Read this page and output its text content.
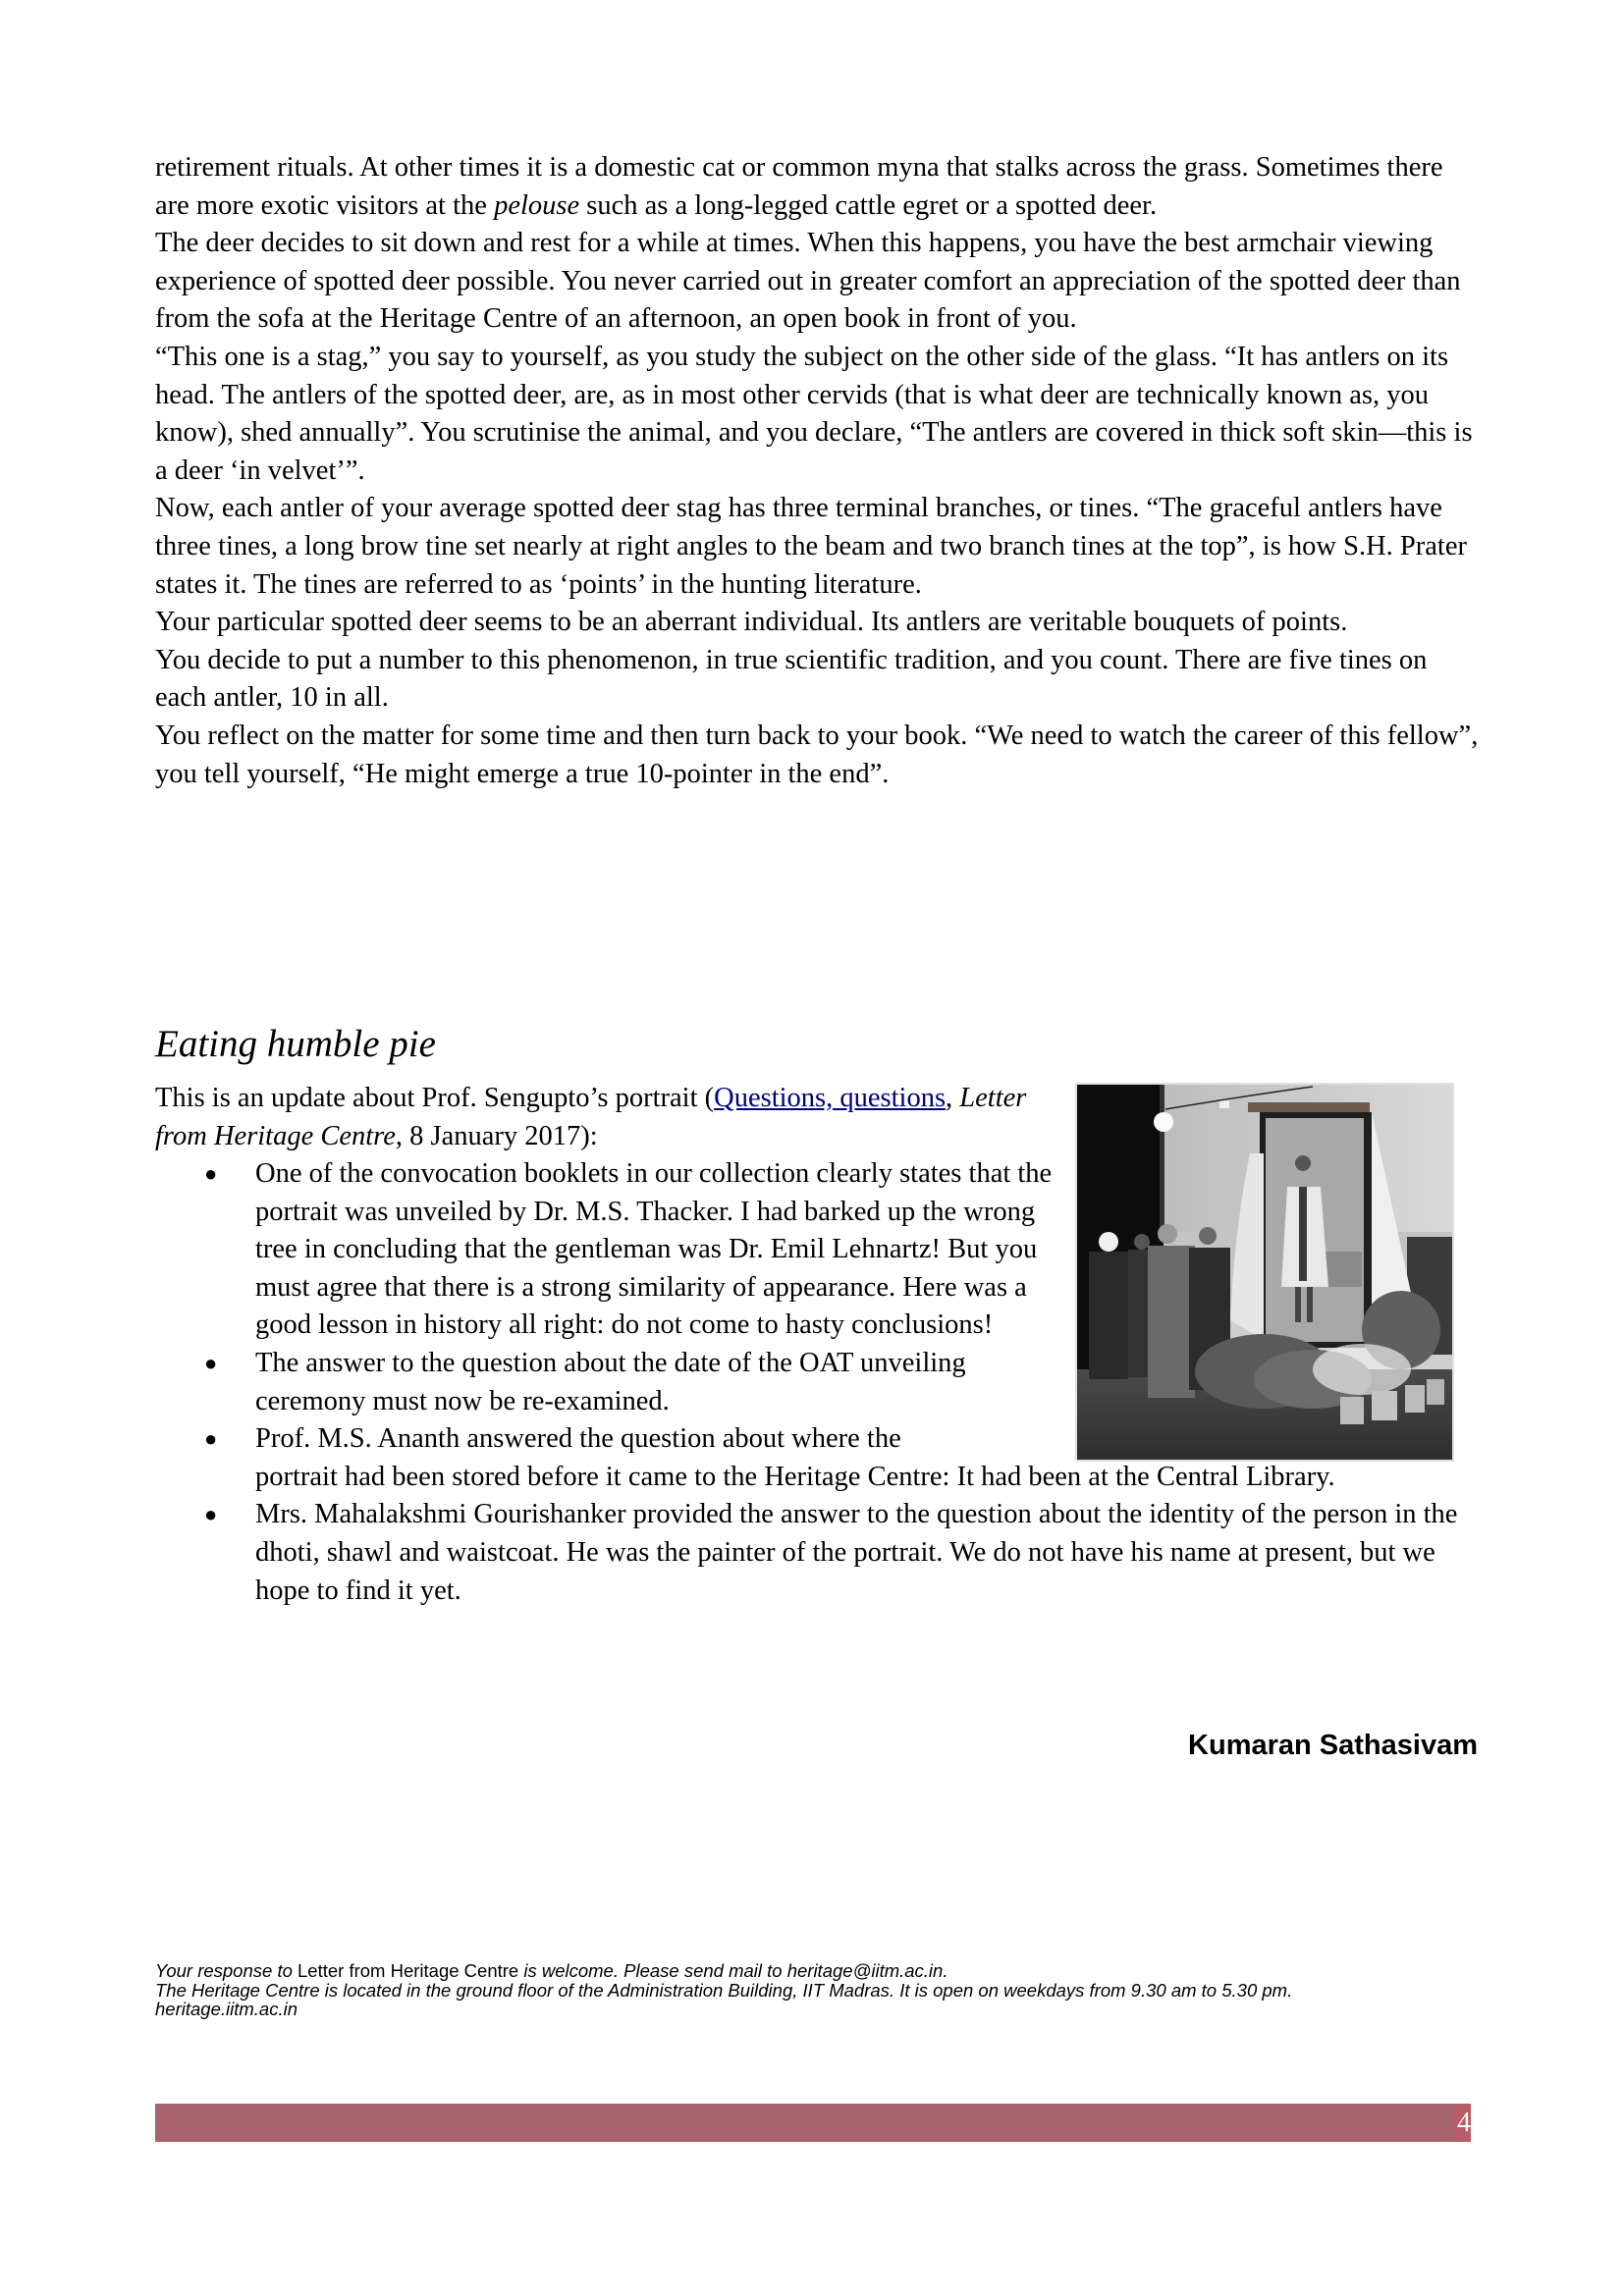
retirement rituals. At other times it is a domestic cat or common myna that stalks across the grass. Sometimes there are more exotic visitors at the pelouse such as a long-legged cattle egret or a spotted deer.

The deer decides to sit down and rest for a while at times. When this happens, you have the best armchair viewing experience of spotted deer possible. You never carried out in greater comfort an appreciation of the spotted deer than from the sofa at the Heritage Centre of an afternoon, an open book in front of you.

“This one is a stag,” you say to yourself, as you study the subject on the other side of the glass. “It has antlers on its head. The antlers of the spotted deer, are, as in most other cervids (that is what deer are technically known as, you know), shed annually”. You scrutinise the animal, and you declare, “The antlers are covered in thick soft skin—this is a deer ‘in velvet’”.

Now, each antler of your average spotted deer stag has three terminal branches, or tines. “The graceful antlers have three tines, a long brow tine set nearly at right angles to the beam and two branch tines at the top”, is how S.H. Prater states it. The tines are referred to as ‘points’ in the hunting literature.

Your particular spotted deer seems to be an aberrant individual. Its antlers are veritable bouquets of points.

You decide to put a number to this phenomenon, in true scientific tradition, and you count. There are five tines on each antler, 10 in all.

You reflect on the matter for some time and then turn back to your book. “We need to watch the career of this fellow”, you tell yourself, “He might emerge a true 10-pointer in the end”.

Eating humble pie

This is an update about Prof. Sengupto’s portrait (Questions, questions, Letter from Heritage Centre, 8 January 2017):

● One of the convocation booklets in our collection clearly states that the portrait was unveiled by Dr. M.S. Thacker. I had barked up the wrong tree in concluding that the gentleman was Dr. Emil Lehnartz! But you must agree that there is a strong similarity of appearance. Here was a good lesson in history all right: do not come to hasty conclusions!
● The answer to the question about the date of the OAT unveiling ceremony must now be re-examined.
● Prof. M.S. Ananth answered the question about where the
portrait had been stored before it came to the Heritage Centre: It had been at the Central Library.
● Mrs. Mahalakshmi Gourishanker provided the answer to the question about the identity of the person in the dhoti, shawl and waistcoat. He was the painter of the portrait. We do not have his name at present, but we hope to find it yet.
Kumaran Sathasivam

Your response to Letter from Heritage Centre is welcome. Please send mail to heritage@iitm.ac.in.

The Heritage Centre is located in the ground floor of the Administration Building, IIT Madras. It is open on weekdays from 9.30 am to 5.30 pm.

heritage.iitm.ac.in

4
